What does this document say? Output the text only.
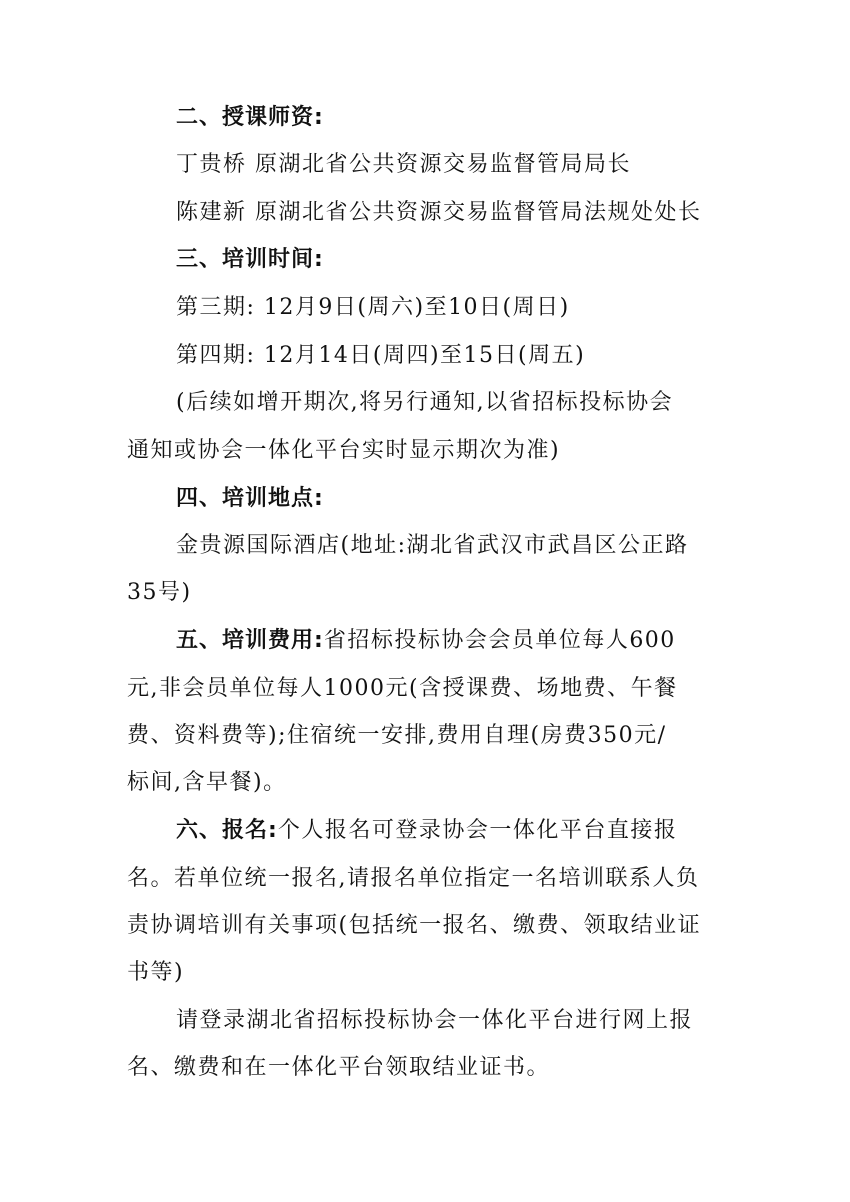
二、授课师资:
丁贵桥 原湖北省公共资源交易监督管局局长
陈建新 原湖北省公共资源交易监督管局法规处处长
三、培训时间:
第三期: 12月9日(周六)至10日(周日)
第四期: 12月14日(周四)至15日(周五)
(后续如增开期次,将另行通知,以省招标投标协会
通知或协会一体化平台实时显示期次为准)
四、培训地点:
金贵源国际酒店(地址:湖北省武汉市武昌区公正路
35号)
五、培训费用:省招标投标协会会员单位每人600
元,非会员单位每人1000元(含授课费、场地费、午餐
费、资料费等);住宿统一安排,费用自理(房费350元/
标间,含早餐)。
六、报名:个人报名可登录协会一体化平台直接报
名。若单位统一报名,请报名单位指定一名培训联系人负
责协调培训有关事项(包括统一报名、缴费、领取结业证
书等)
请登录湖北省招标投标协会一体化平台进行网上报
名、缴费和在一体化平台领取结业证书。
